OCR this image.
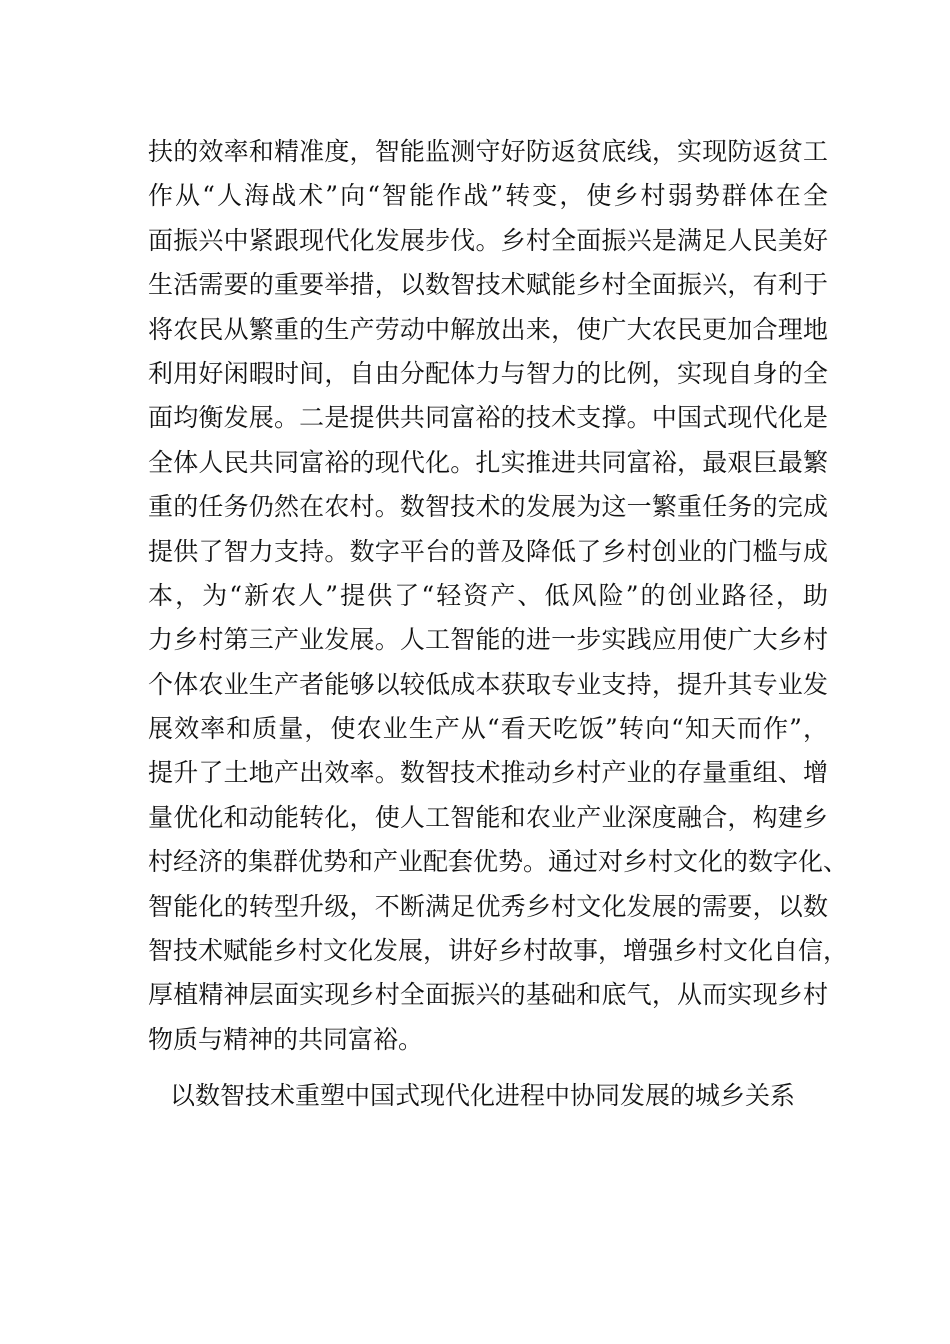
扶的效率和精准度，智能监测守好防返贫底线，实现防返贫工
作从“人海战术”向“智能作战”转变，使乡村弱势群体在全
面振兴中紧跟现代化发展步伐。乡村全面振兴是满足人民美好
生活需要的重要举措，以数智技术赋能乡村全面振兴，有利于
将农民从繁重的生产劳动中解放出来，使广大农民更加合理地
利用好闲暇时间，自由分配体力与智力的比例，实现自身的全
面均衡发展。二是提供共同富裕的技术支撑。中国式现代化是
全体人民共同富裕的现代化。扎实推进共同富裕，最艰巨最繁
重的任务仍然在农村。数智技术的发展为这一繁重任务的完成
提供了智力支持。数字平台的普及降低了乡村创业的门槛与成
本，为“新农人”提供了“轻资产、低风险”的创业路径，助
力乡村第三产业发展。人工智能的进一步实践应用使广大乡村
个体农业生产者能够以较低成本获取专业支持，提升其专业发
展效率和质量，使农业生产从“看天吃饭”转向“知天而作”，
提升了土地产出效率。数智技术推动乡村产业的存量重组、增
量优化和动能转化，使人工智能和农业产业深度融合，构建乡
村经济的集群优势和产业配套优势。通过对乡村文化的数字化、
智能化的转型升级，不断满足优秀乡村文化发展的需要，以数
智技术赋能乡村文化发展，讲好乡村故事，增强乡村文化自信，
厚植精神层面实现乡村全面振兴的基础和底气，从而实现乡村
物质与精神的共同富裕。
以数智技术重塑中国式现代化进程中协同发展的城乡关系
